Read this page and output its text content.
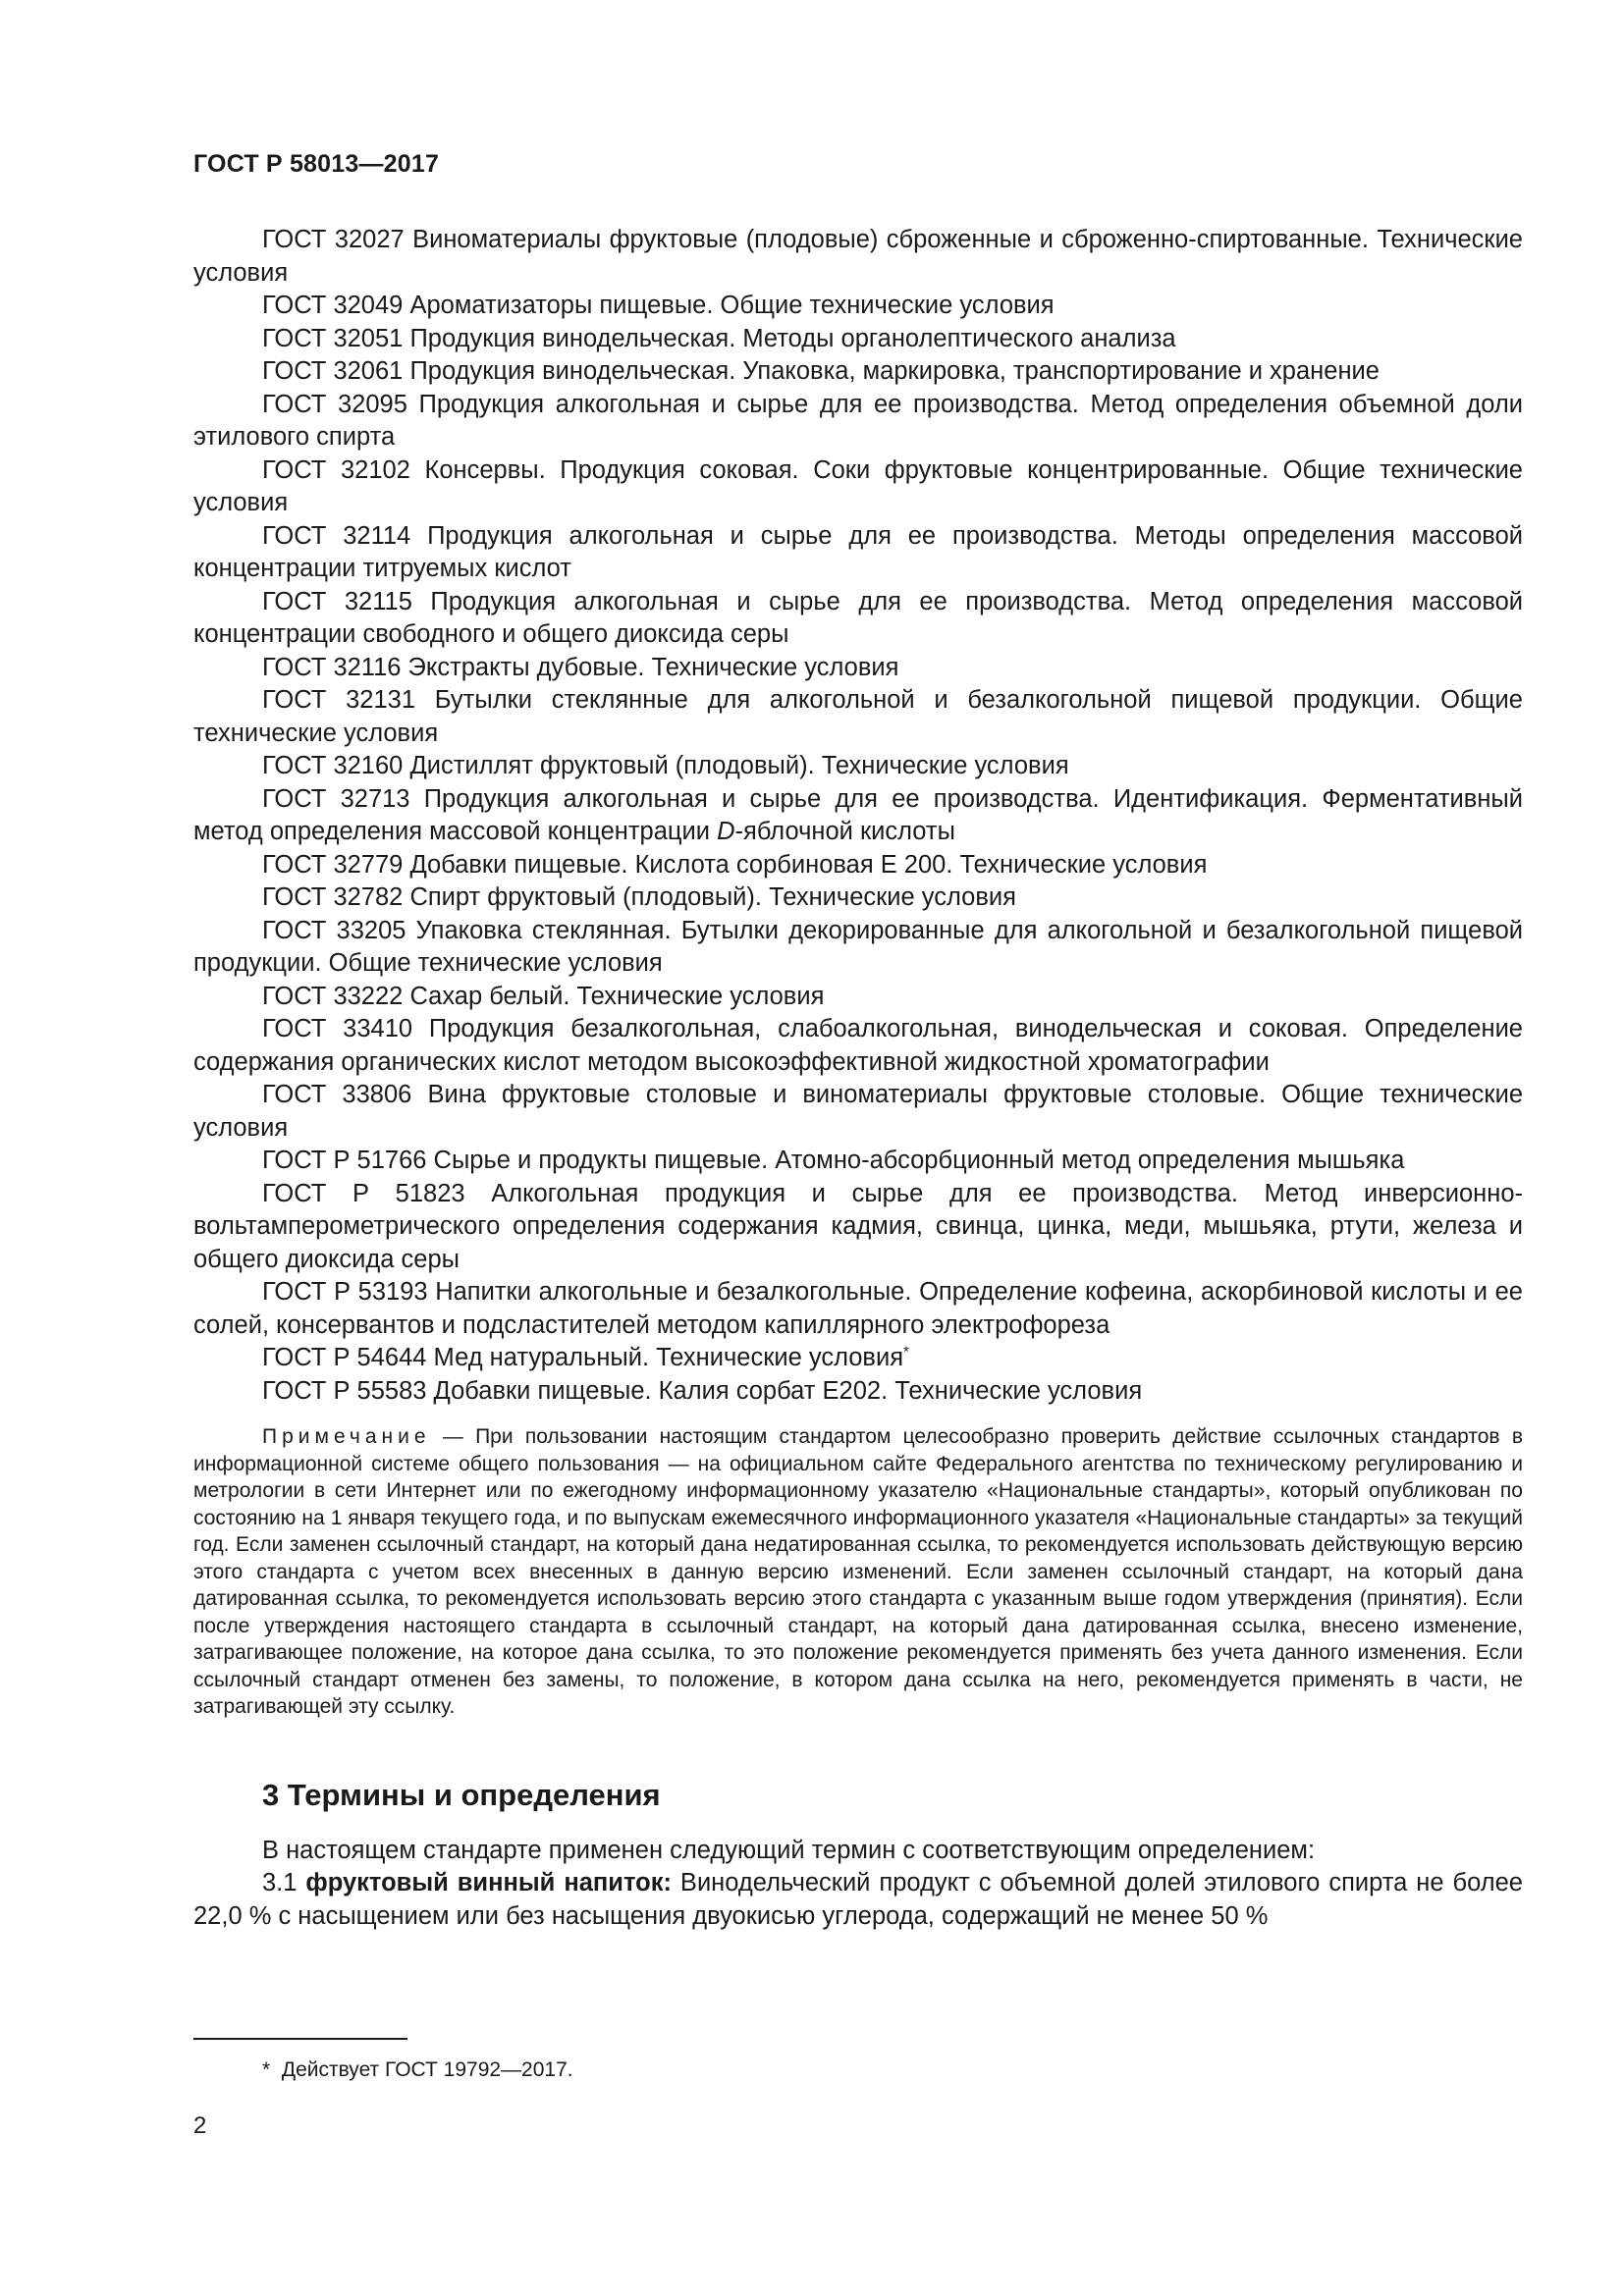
ГОСТ Р 58013—2017

ГОСТ 32027 Виноматериалы фруктовые (плодовые) сброженные и сброженно-спиртованные. Технические условия

ГОСТ 32049 Ароматизаторы пищевые. Общие технические условия

ГОСТ 32051 Продукция винодельческая. Методы органолептического анализа

ГОСТ 32061 Продукция винодельческая. Упаковка, маркировка, транспортирование и хранение

ГОСТ 32095 Продукция алкогольная и сырье для ее производства. Метод определения объемной доли этилового спирта

ГОСТ 32102 Консервы. Продукция соковая. Соки фруктовые концентрированные. Общие технические условия

ГОСТ 32114 Продукция алкогольная и сырье для ее производства. Методы определения массовой концентрации титруемых кислот

ГОСТ 32115 Продукция алкогольная и сырье для ее производства. Метод определения массовой концентрации свободного и общего диоксида серы

ГОСТ 32116 Экстракты дубовые. Технические условия

ГОСТ 32131 Бутылки стеклянные для алкогольной и безалкогольной пищевой продукции. Общие технические условия

ГОСТ 32160 Дистиллят фруктовый (плодовый). Технические условия

ГОСТ 32713 Продукция алкогольная и сырье для ее производства. Идентификация. Ферментативный метод определения массовой концентрации D-яблочной кислоты

ГОСТ 32779 Добавки пищевые. Кислота сорбиновая Е 200. Технические условия

ГОСТ 32782 Спирт фруктовый (плодовый). Технические условия

ГОСТ 33205 Упаковка стеклянная. Бутылки декорированные для алкогольной и безалкогольной пищевой продукции. Общие технические условия

ГОСТ 33222 Сахар белый. Технические условия

ГОСТ 33410 Продукция безалкогольная, слабоалкогольная, винодельческая и соковая. Определение содержания органических кислот методом высокоэффективной жидкостной хроматографии

ГОСТ 33806 Вина фруктовые столовые и виноматериалы фруктовые столовые. Общие технические условия

ГОСТ Р 51766 Сырье и продукты пищевые. Атомно-абсорбционный метод определения мышьяка

ГОСТ Р 51823 Алкогольная продукция и сырье для ее производства. Метод инверсионно-вольтамперометрического определения содержания кадмия, свинца, цинка, меди, мышьяка, ртути, железа и общего диоксида серы

ГОСТ Р 53193 Напитки алкогольные и безалкогольные. Определение кофеина, аскорбиновой кислоты и ее солей, консервантов и подсластителей методом капиллярного электрофореза

ГОСТ Р 54644 Мед натуральный. Технические условия*

ГОСТ Р 55583 Добавки пищевые. Калия сорбат Е202. Технические условия

Примечание — При пользовании настоящим стандартом целесообразно проверить действие ссылочных стандартов в информационной системе общего пользования — на официальном сайте Федерального агентства по техническому регулированию и метрологии в сети Интернет или по ежегодному информационному указателю «Национальные стандарты», который опубликован по состоянию на 1 января текущего года, и по выпускам ежемесячного информационного указателя «Национальные стандарты» за текущий год. Если заменен ссылочный стандарт, на который дана недатированная ссылка, то рекомендуется использовать действующую версию этого стандарта с учетом всех внесенных в данную версию изменений. Если заменен ссылочный стандарт, на который дана датированная ссылка, то рекомендуется использовать версию этого стандарта с указанным выше годом утверждения (принятия). Если после утверждения настоящего стандарта в ссылочный стандарт, на который дана датированная ссылка, внесено изменение, затрагивающее положение, на которое дана ссылка, то это положение рекомендуется применять без учета данного изменения. Если ссылочный стандарт отменен без замены, то положение, в котором дана ссылка на него, рекомендуется применять в части, не затрагивающей эту ссылку.

3 Термины и определения

В настоящем стандарте применен следующий термин с соответствующим определением:

3.1 фруктовый винный напиток: Винодельческий продукт с объемной долей этилового спирта не более 22,0 % с насыщением или без насыщения двуокисью углерода, содержащий не менее 50 %

* Действует ГОСТ 19792—2017.
2
